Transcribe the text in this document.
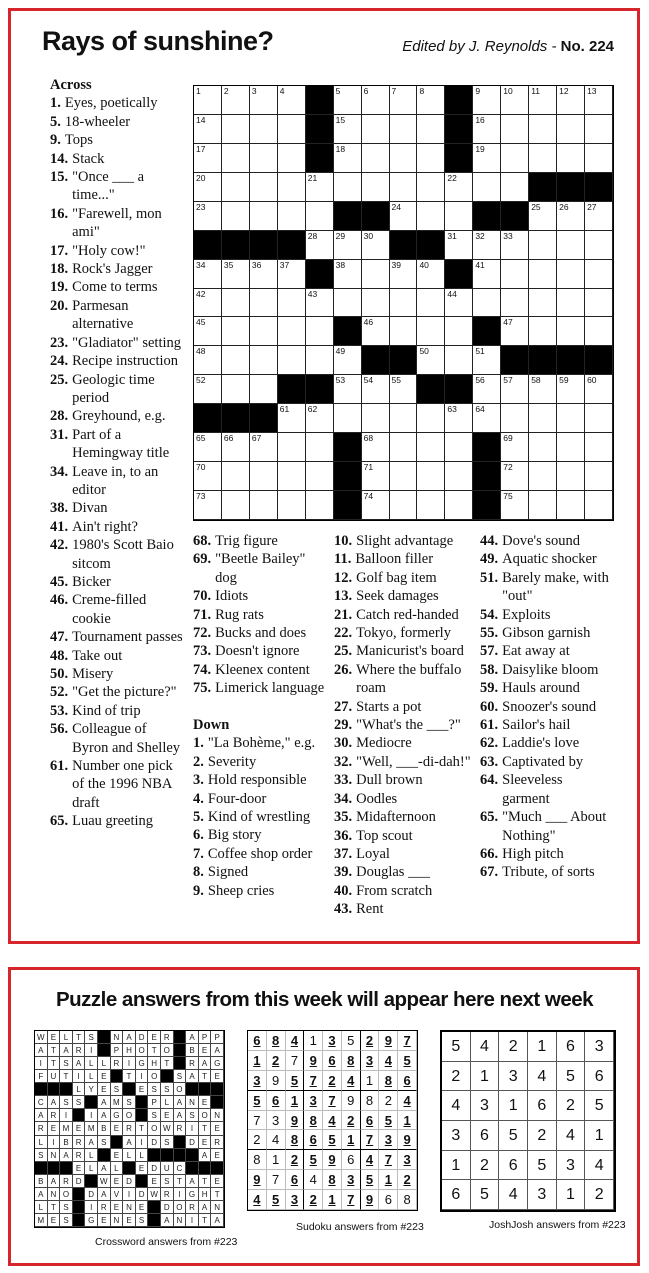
Rays of sunshine?	Edited by J. Reynolds - No. 224
1	2	3	4	5	6	7	8	9	10 11 12 13
14	15	16
17	18	19
20	21	22
23	24	25 26 27
28 29 30	31 32 33
34 35 36 37	38	39 40	41
42	43	44
45	46	47
48	49	50	51
52	53 54 55	56 57 58 59 60
61 62	63 64
65 66 67	68	69
70	71	72
73	74	75
Across
1. Eyes, poetically
5. 18-wheeler
9. Tops
14. Stack
15. "Once ___ a time..."
16. "Farewell, mon ami"
17. "Holy cow!"
18. Rock's Jagger
19. Come to terms
20. Parmesan alternative
23. "Gladiator" setting
24. Recipe instruction
25. Geologic time period
28. Greyhound, e.g.
31. Part of a Hemingway title
34. Leave in, to an editor
38. Divan
41. Ain't right?
42. 1980's Scott Baio sitcom
45. Bicker
46. Creme-filled cookie
47. Tournament passes
48. Take out
50. Misery
52. "Get the picture?"
53. Kind of trip
56. Colleague of Byron and Shelley
61. Number one pick of the 1996 NBA draft
65. Luau greeting
68. Trig figure
69. "Beetle Bailey" dog
70. Idiots
71. Rug rats
72. Bucks and does
73. Doesn't ignore
74. Kleenex content
75. Limerick language
Down
1. "La Bohème," e.g.
2. Severity
3. Hold responsible
4. Four-door
5. Kind of wrestling
6. Big story
7. Coffee shop order
8. Signed
9. Sheep cries
10. Slight advantage
11. Balloon filler
12. Golf bag item
13. Seek damages
21. Catch red-handed
22. Tokyo, formerly
25. Manicurist's board
26. Where the buffalo roam
27. Starts a pot
29. "What's the ___?"
30. Mediocre
32. "Well, ___-di-dah!"
33. Dull brown
34. Oodles
35. Midafternoon
36. Top scout
37. Loyal
39. Douglas ___
40. From scratch
43. Rent
44. Dove's sound
49. Aquatic shocker
51. Barely make, with "out"
54. Exploits
55. Gibson garnish
57. Eat away at
58. Daisylike bloom
59. Hauls around
60. Snoozer's sound
61. Sailor's hail
62. Laddie's love
63. Captivated by
64. Sleeveless garment
65. "Much ___ About Nothing"
66. High pitch
67. Tribute, of sorts
Puzzle answers from this week will appear here next week
W E L T S	N A D E R	A P P
A T A R	I	P H O T O	B E A
I	T S A L	L R	I	G H T	R A G
F U T	I	L E	T	I	O	S A T E
L Y E S	E S S O
C A S S	A M S	P L A N E
A R	I	I	A G O	S E A S O N
R E M E M B E R T O W R	I	T E
L	I	B R A S	A	I	D S	D E R
S N A R L	E L	L	A E
E L A L	E D U C
B A R D	W E D	E S T A T E
A N O	D A V	I	D W R	I	G H T
L T S	I	R E N E	D O R A N
M E S	G E N E S	A N	I	T A
6 8 4 1 3 5 2 9 7
1 2 7 9 6 8 3 4 5
3 9 5 7 2 4 1 8 6
5 6 1 3 7 9 8 2 4
7 3 9 8 4 2 6 5 1
2 4 8 6 5 1 7 3 9
8 1 2 5 9 6 4 7 3
9 7 6 4 8 3 5 1 2
4 5 3 2 1 7 9 6 8
5	4	2	1	6	3
2	1	3	4	5	6
4	3	1	6	2	5
3	6	5	2	4	1
1	2	6	5	3	4
6	5	4	3	1	2
Crossword answers from #223
Sudoku answers from #223	JoshJosh answers from #223
